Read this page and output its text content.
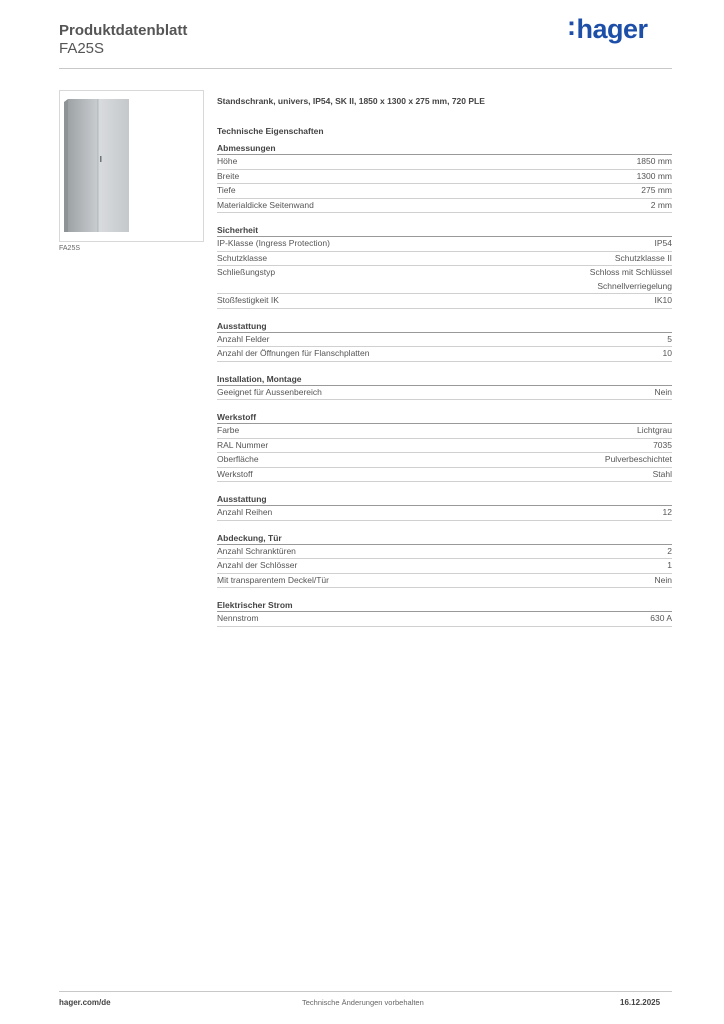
Produktdatenblatt
FA25S
:hager
FA25S
Standschrank, univers, IP54, SK II, 1850 x 1300 x 275 mm, 720 PLE
Technische Eigenschaften
Abmessungen
Höhe	1850 mm
Breite	1300 mm
Tiefe	275 mm
Materialdicke Seitenwand	2 mm
Sicherheit
IP-Klasse (Ingress Protection)	IP54
Schutzklasse	Schutzklasse II
Schließungstyp	Schloss mit Schlüssel
Schnellverriegelung
Stoßfestigkeit IK	IK10
Ausstattung
Anzahl Felder	5
Anzahl der Öffnungen für Flanschplatten	10
Installation, Montage
Geeignet für Aussenbereich	Nein
Werkstoff
Farbe	Lichtgrau
RAL Nummer	7035
Oberfläche	Pulverbeschichtet
Werkstoff	Stahl
Ausstattung
Anzahl Reihen	12
Abdeckung, Tür
Anzahl Schranktüren	2
Anzahl der Schlösser	1
Mit transparentem Deckel/Tür	Nein
Elektrischer Strom
Nennstrom	630 A
hager.com/de	Technische Änderungen vorbehalten	16.12.2025
